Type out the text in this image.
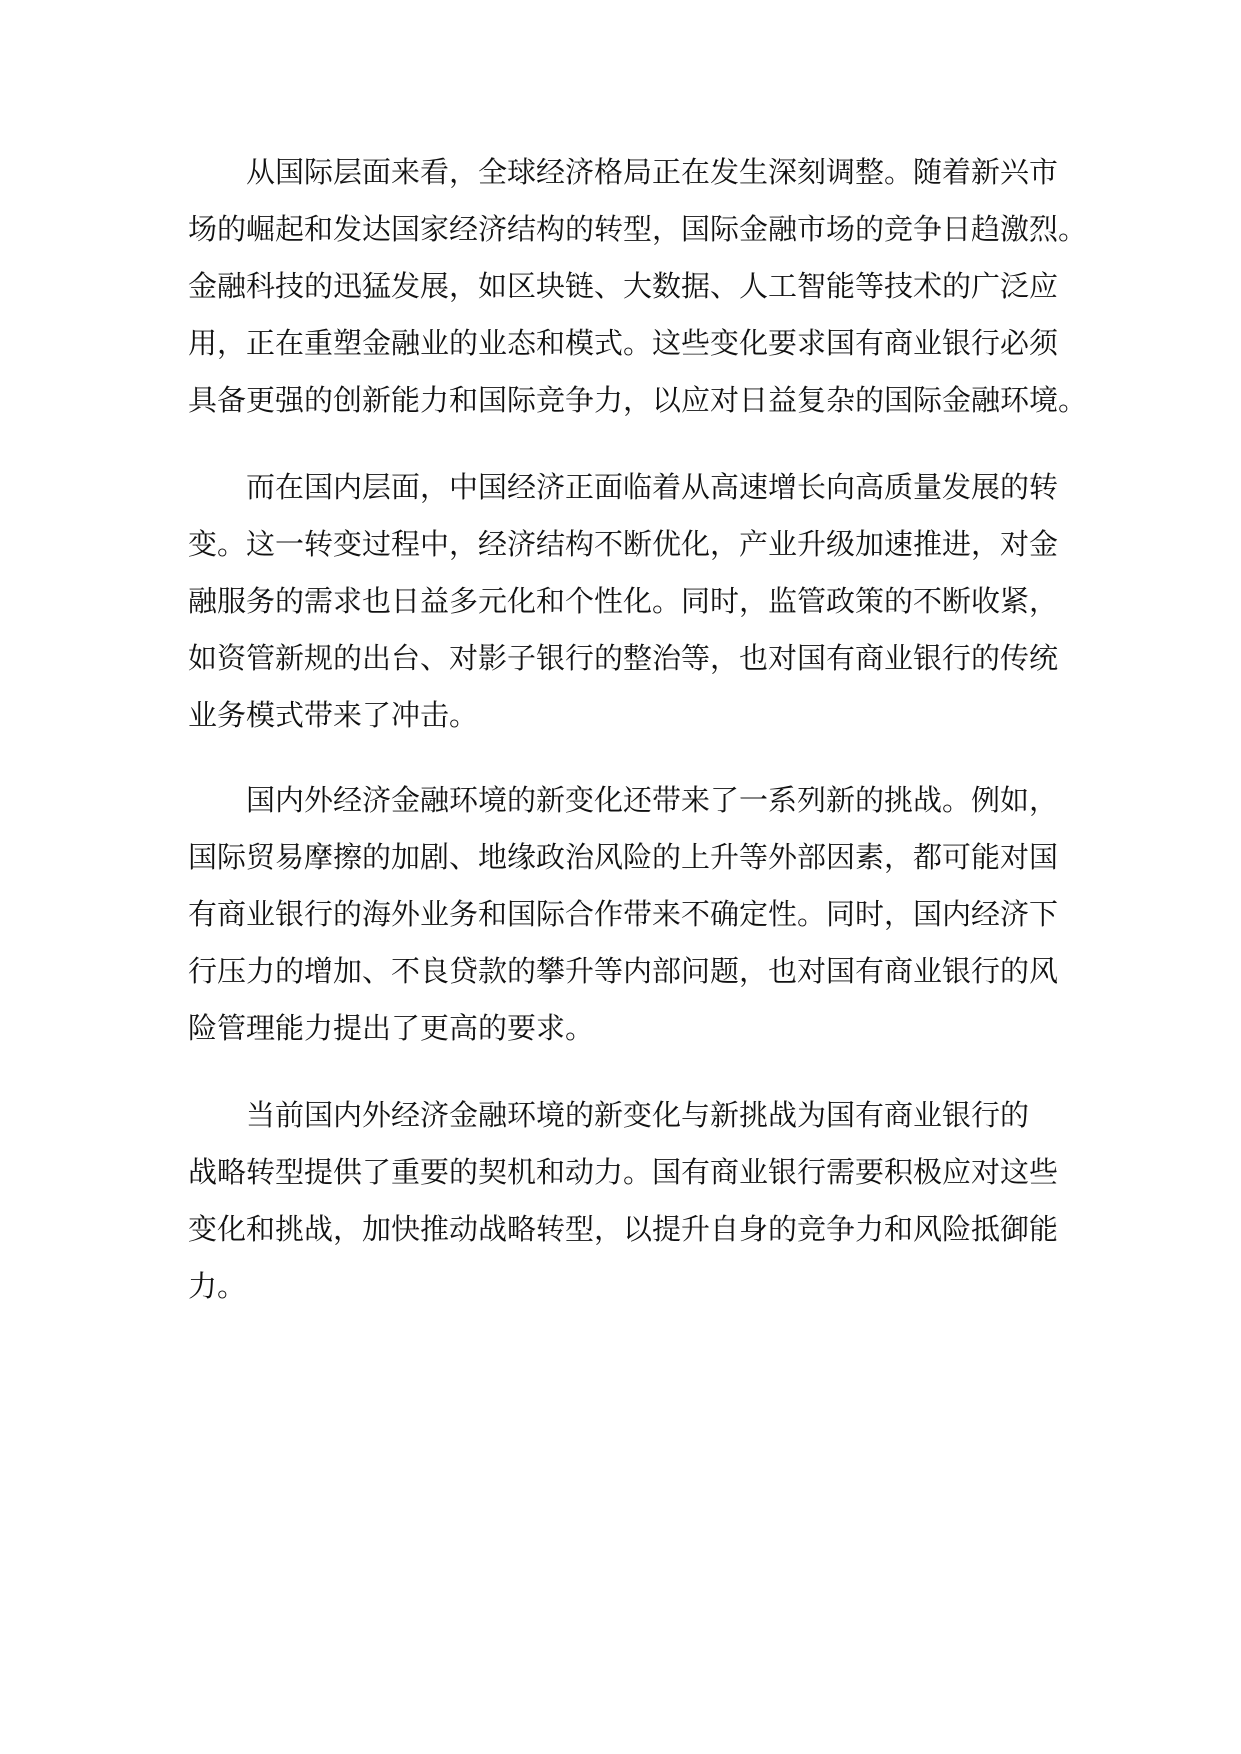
从国际层面来看，全球经济格局正在发生深刻调整。随着新兴市
场的崛起和发达国家经济结构的转型，国际金融市场的竞争日趋激烈。
金融科技的迅猛发展，如区块链、大数据、人工智能等技术的广泛应
用，正在重塑金融业的业态和模式。这些变化要求国有商业银行必须
具备更强的创新能力和国际竞争力，以应对日益复杂的国际金融环境。
而在国内层面，中国经济正面临着从高速增长向高质量发展的转
变。这一转变过程中，经济结构不断优化，产业升级加速推进，对金
融服务的需求也日益多元化和个性化。同时，监管政策的不断收紧，
如资管新规的出台、对影子银行的整治等，也对国有商业银行的传统
业务模式带来了冲击。
国内外经济金融环境的新变化还带来了一系列新的挑战。例如，
国际贸易摩擦的加剧、地缘政治风险的上升等外部因素，都可能对国
有商业银行的海外业务和国际合作带来不确定性。同时，国内经济下
行压力的增加、不良贷款的攀升等内部问题，也对国有商业银行的风
险管理能力提出了更高的要求。
当前国内外经济金融环境的新变化与新挑战为国有商业银行的
战略转型提供了重要的契机和动力。国有商业银行需要积极应对这些
变化和挑战，加快推动战略转型，以提升自身的竞争力和风险抵御能
力。
